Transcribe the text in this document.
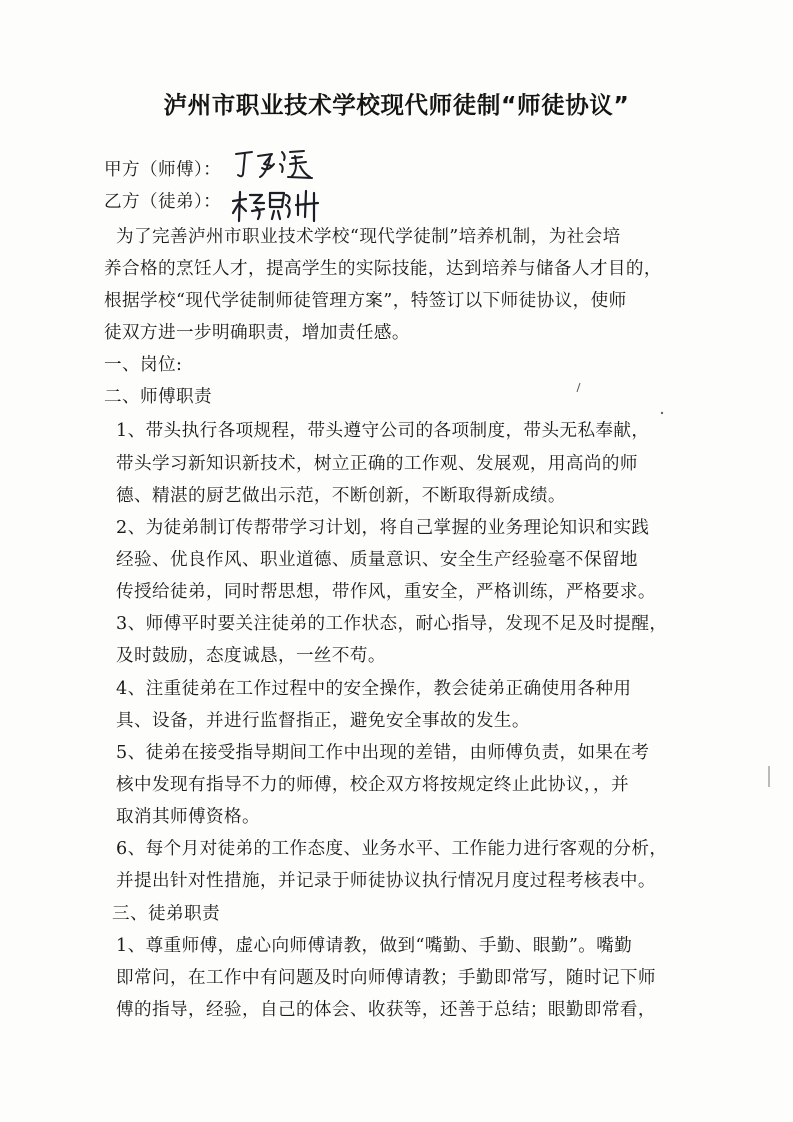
泸州市职业技术学校现代师徒制“师徒协议”
甲方（师傅）：
乙方（徒弟）：
为了完善泸州市职业技术学校“现代学徒制”培养机制，为社会培
养合格的烹饪人才，提高学生的实际技能，达到培养与储备人才目的，
根据学校“现代学徒制师徒管理方案”，特签订以下师徒协议，使师
徒双方进一步明确职责，增加责任感。
一、岗位:
二、师傅职责
1、带头执行各项规程，带头遵守公司的各项制度，带头无私奉献，
带头学习新知识新技术，树立正确的工作观、发展观，用高尚的师
德、精湛的厨艺做出示范，不断创新，不断取得新成绩。
2、为徒弟制订传帮带学习计划，将自己掌握的业务理论知识和实践
经验、优良作风、职业道德、质量意识、安全生产经验毫不保留地
传授给徒弟，同时帮思想，带作风，重安全，严格训练，严格要求。
3、师傅平时要关注徒弟的工作状态，耐心指导，发现不足及时提醒，
及时鼓励，态度诚恳，一丝不苟。
4、注重徒弟在工作过程中的安全操作，教会徒弟正确使用各种用
具、设备，并进行监督指正，避免安全事故的发生。
5、徒弟在接受指导期间工作中出现的差错，由师傅负责，如果在考
核中发现有指导不力的师傅，校企双方将按规定终止此协议，，并
取消其师傅资格。
6、每个月对徒弟的工作态度、业务水平、工作能力进行客观的分析，
并提出针对性措施，并记录于师徒协议执行情况月度过程考核表中。
三、徒弟职责
1、尊重师傅，虚心向师傅请教，做到“嘴勤、手勤、眼勤”。嘴勤
即常问，在工作中有问题及时向师傅请教；手勤即常写，随时记下师
傅的指导，经验，自己的体会、收获等，还善于总结；眼勤即常看，
